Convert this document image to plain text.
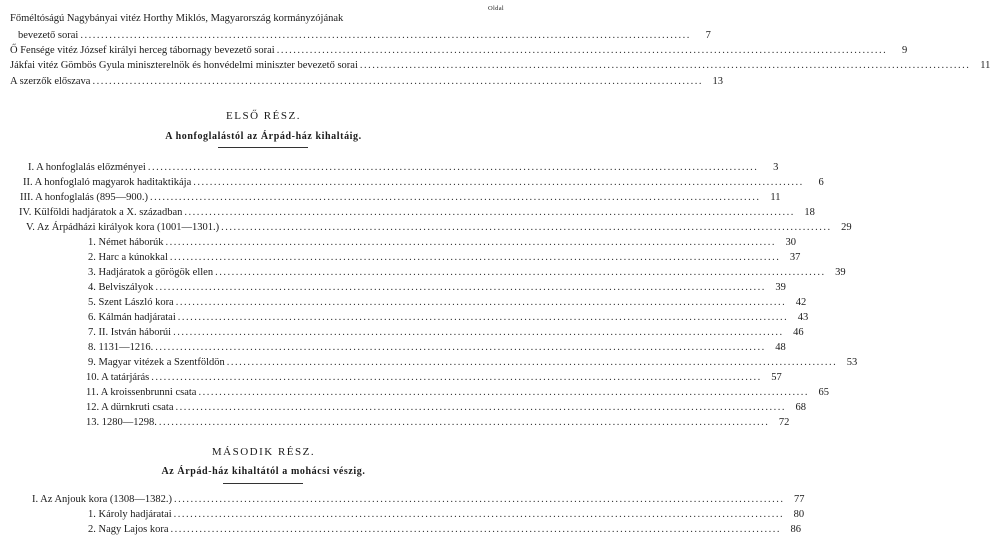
Oldal
Főméltóságú Nagybányai vitéz Horthy Miklós, Magyarország kormányzójának
bevezető sorai ....................................................................................................................................................	7
Ő Fensége vitéz József királyi herceg tábornagy bevezető sorai ....................................................................................................................................................	9
Jákfai vitéz Gömbös Gyula miniszterelnök és honvédelmi miniszter bevezető sorai .................................................................................................................................................... 11
A szerzők előszava .................................................................................................................................................... 13
ELSŐ RÉSZ.
A honfoglalástól az Árpád-ház kihaltáig.
I. A honfoglalás előzményei ....................................................................................................................................................	3
II. A honfoglaló magyarok haditaktikája ....................................................................................................................................................	6
III. A honfoglalás (895—900.) .................................................................................................................................................... 11
IV. Külföldi hadjáratok a X. században .................................................................................................................................................... 18
V. Az Árpádházi királyok kora (1001—1301.) .................................................................................................................................................... 29
1. Német háborúk .................................................................................................................................................... 30
2. Harc a kúnokkal .................................................................................................................................................... 37
3. Hadjáratok a görögök ellen .................................................................................................................................................... 39
4. Belviszályok .................................................................................................................................................... 39
5. Szent László kora .................................................................................................................................................... 42
6. Kálmán hadjáratai .................................................................................................................................................... 43
7. II. István háborúi .................................................................................................................................................... 46
8. 1131—1216. .................................................................................................................................................... 48
9. Magyar vitézek a Szentföldön .................................................................................................................................................... 53
10. A tatárjárás .................................................................................................................................................... 57
11. A kroissenbrunni csata .................................................................................................................................................... 65
12. A dürnkruti csata .................................................................................................................................................... 68
13. 1280—1298. .................................................................................................................................................... 72
MÁSODIK RÉSZ.
Az Árpád-ház kihaltától a mohácsi vészig.
I. Az Anjouk kora (1308—1382.) .................................................................................................................................................... 77
1. Károly hadjáratai .................................................................................................................................................... 80
2. Nagy Lajos kora .................................................................................................................................................... 86
